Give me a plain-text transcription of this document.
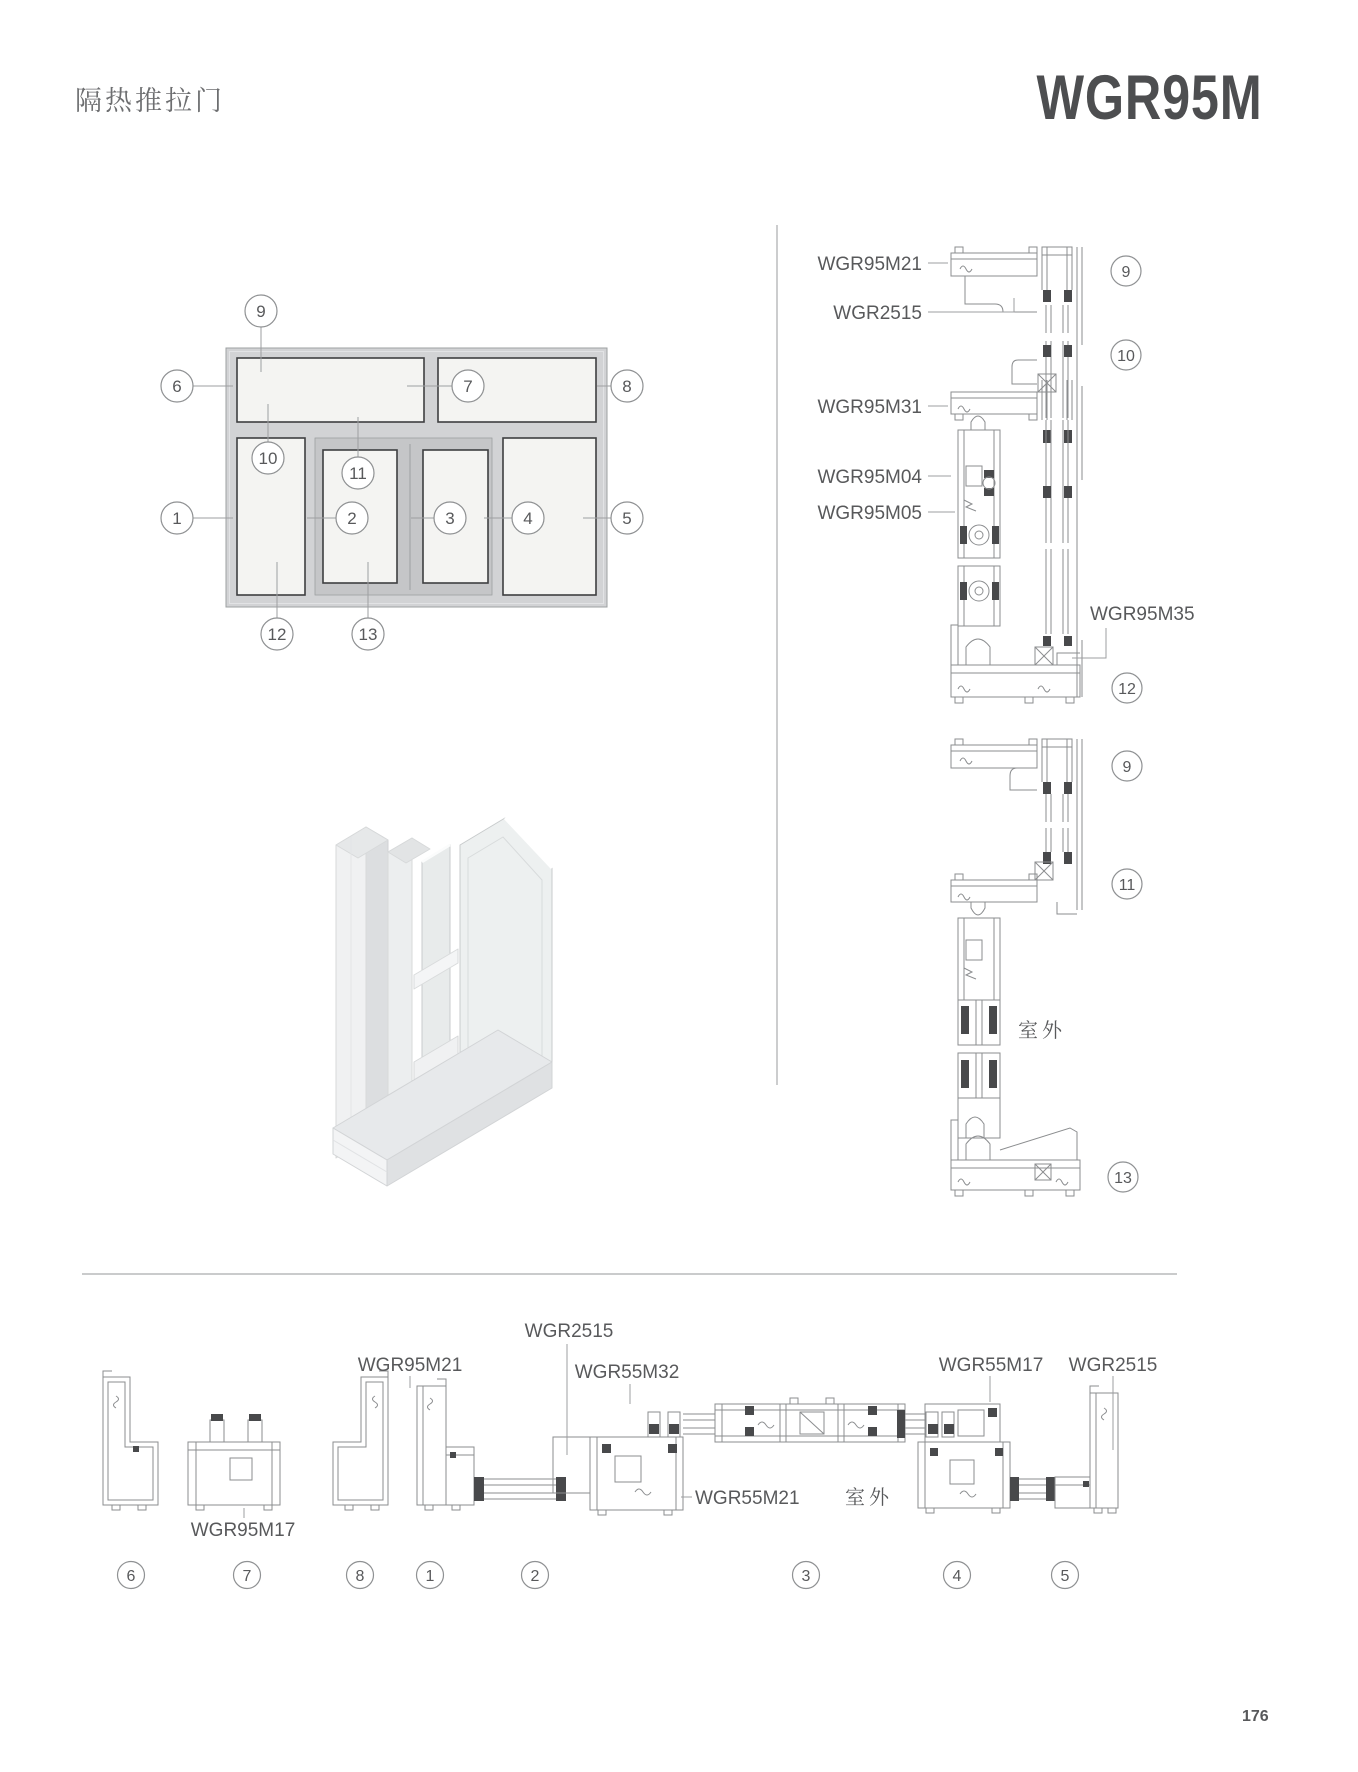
隔热推拉门	WGR95M
176
9
6	7	8
10
11
1	2	3	4	5
12	13
WGR95M21
WGR2515
WGR95M31
WGR95M04
WGR95M05
WGR95M35
9
10
12
室外
9
11
13
WGR2515
WGR95M21	WGR55M32	WGR55M17 WGR2515
WGR55M21 室外
WGR95M17
6	7	8	1	2	3	4	5
